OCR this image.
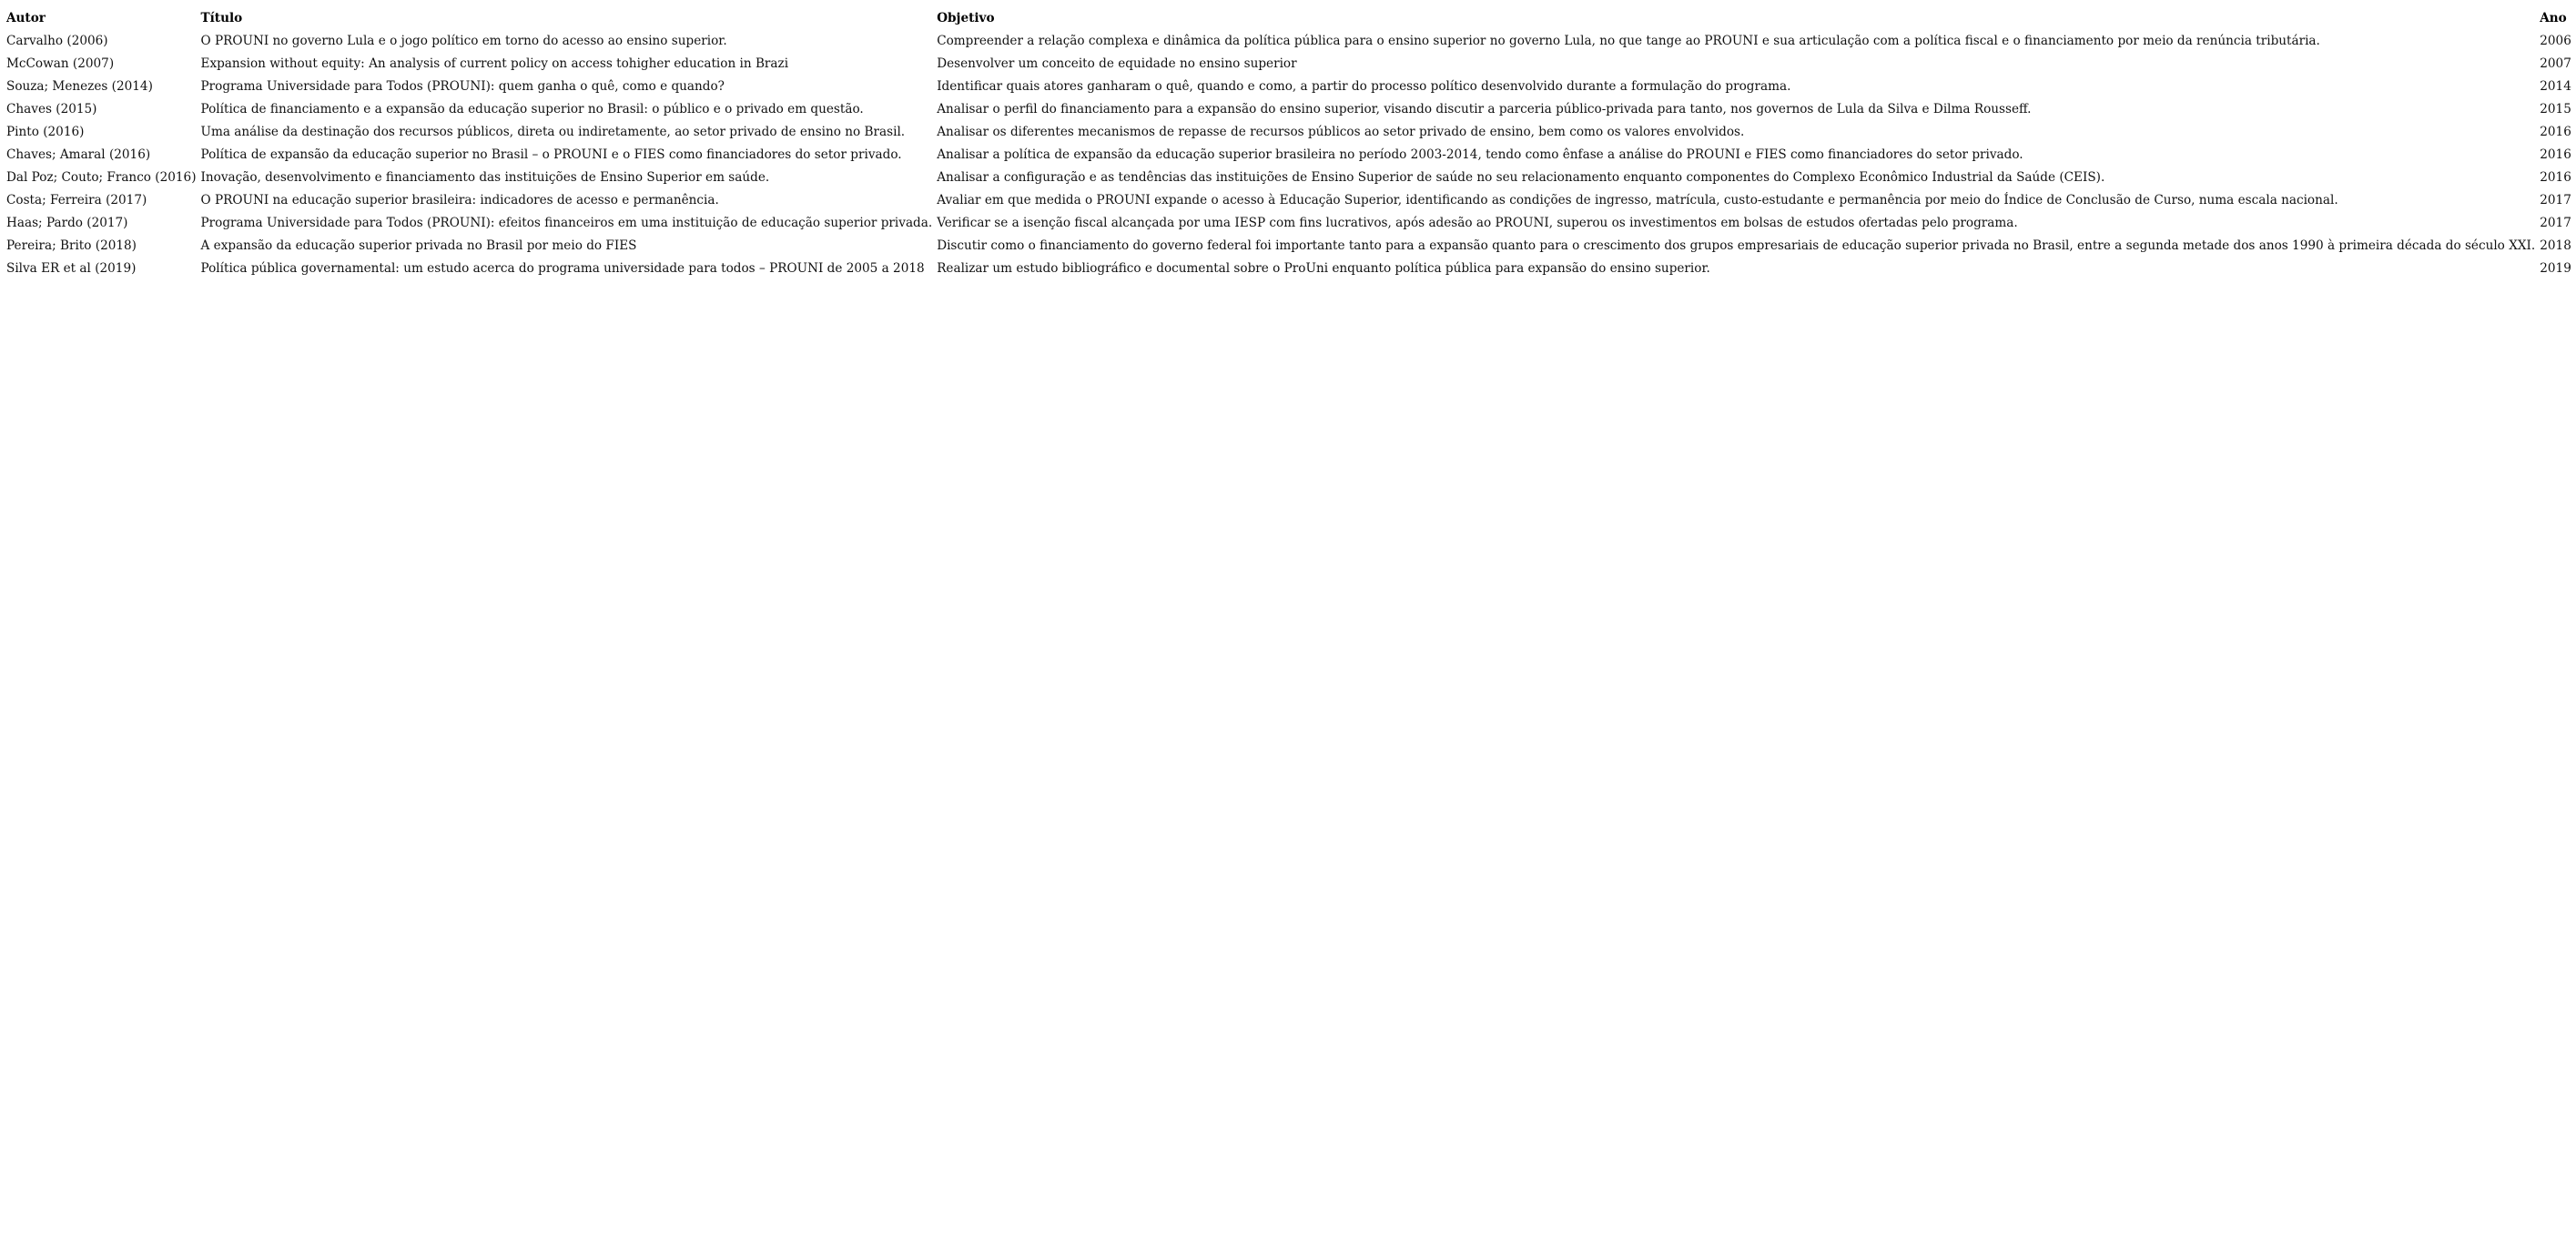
Autor	Título	Objetivo	Ano
Carvalho (2006)	O PROUNI no governo Lula e o jogo político em torno do acesso ao ensino superior.	Compreender a relação complexa e dinâmica da política pública para o ensino superior no governo Lula, no que tange ao PROUNI e sua articulação com a política fiscal e o financiamento por meio da renúncia tributária.	2006
McCowan (2007)	Expansion without equity: An analysis of current policy on access tohigher education in Brazi	Desenvolver um conceito de equidade no ensino superior	2007
Souza; Menezes (2014)	Programa Universidade para Todos (PROUNI): quem ganha o quê, como e quando?	Identificar quais atores ganharam o quê, quando e como, a partir do processo político desenvolvido durante a formulação do programa.	2014
Chaves (2015)	Política de financiamento e a expansão da educação superior no Brasil: o público e o privado em questão.	Analisar o perfil do financiamento para a expansão do ensino superior, visando discutir a parceria público-privada para tanto, nos governos de Lula da Silva e Dilma Rousseff.	2015
Pinto (2016)	Uma análise da destinação dos recursos públicos, direta ou indiretamente, ao setor privado de ensino no Brasil.	Analisar os diferentes mecanismos de repasse de recursos públicos ao setor privado de ensino, bem como os valores envolvidos.	2016
Chaves; Amaral (2016)	Política de expansão da educação superior no Brasil – o PROUNI e o FIES como financiadores do setor privado.	Analisar a política de expansão da educação superior brasileira no período 2003-2014, tendo como ênfase a análise do PROUNI e FIES como financiadores do setor privado.	2016
Dal Poz; Couto; Franco (2016)	Inovação, desenvolvimento e financiamento das instituições de Ensino Superior em saúde.	Analisar a configuração e as tendências das instituições de Ensino Superior de saúde no seu relacionamento enquanto componentes do Complexo Econômico Industrial da Saúde (CEIS).	2016
Costa; Ferreira (2017)	O PROUNI na educação superior brasileira: indicadores de acesso e permanência.	Avaliar em que medida o PROUNI expande o acesso à Educação Superior, identificando as condições de ingresso, matrícula, custo-estudante e permanência por meio do Índice de Conclusão de Curso, numa escala nacional.	2017
Haas; Pardo (2017)	Programa Universidade para Todos (PROUNI): efeitos financeiros em uma instituição de educação superior privada.	Verificar se a isenção fiscal alcançada por uma IESP com fins lucrativos, após adesão ao PROUNI, superou os investimentos em bolsas de estudos ofertadas pelo programa.	2017
Pereira; Brito (2018)	A expansão da educação superior privada no Brasil por meio do FIES	Discutir como o financiamento do governo federal foi importante tanto para a expansão quanto para o crescimento dos grupos empresariais de educação superior privada no Brasil, entre a segunda metade dos anos 1990 à primeira década do século XXI.	2018
Silva ER et al (2019)	Política pública governamental: um estudo acerca do programa universidade para todos – PROUNI de 2005 a 2018	Realizar um estudo bibliográfico e documental sobre o ProUni enquanto política pública para expansão do ensino superior.	2019
